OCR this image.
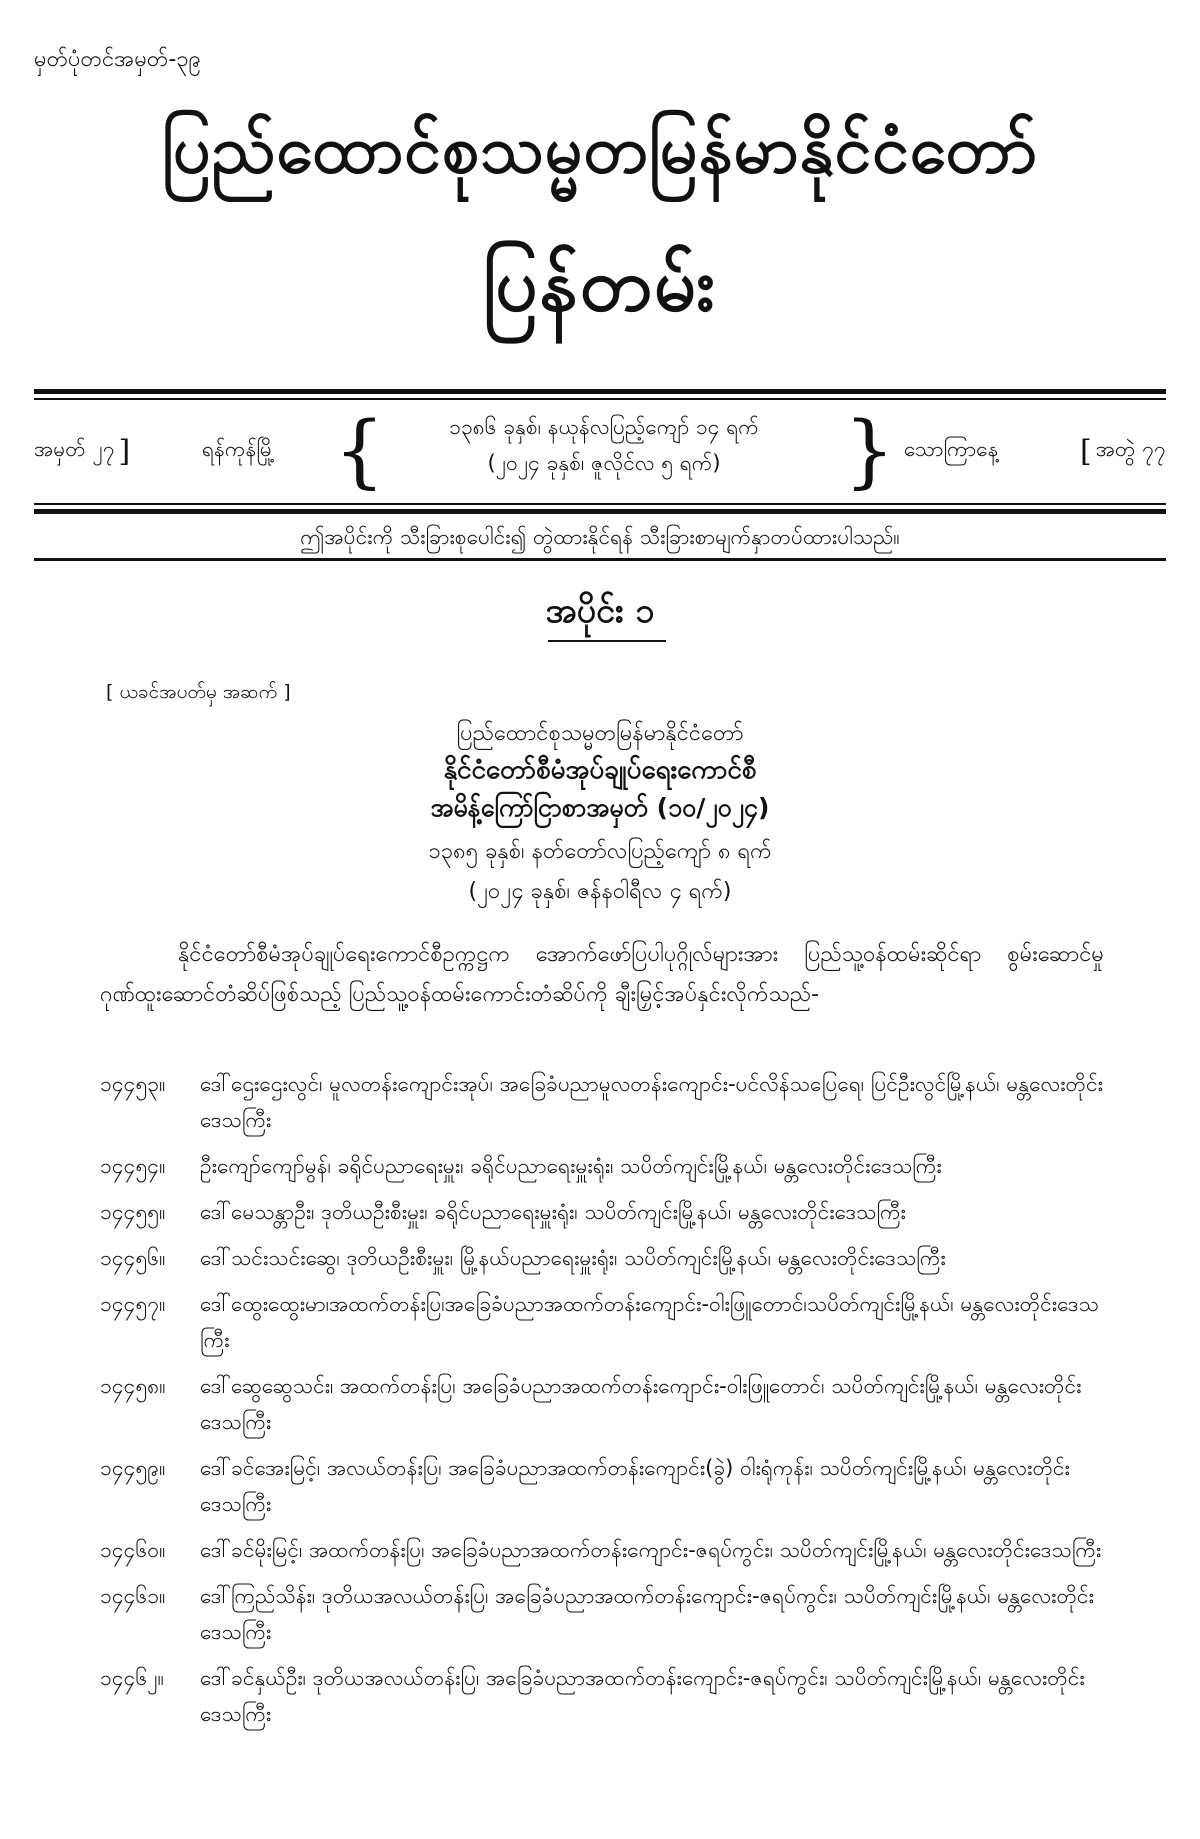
မှတ်ပုံတင်အမှတ်-၃၉
ပြည်ထောင်စုသမ္မတမြန်မာနိုင်ငံတော်
ပြန်တမ်း
အမှတ် ၂၇ ]	ရန်ကုန်မြို့ {	၁၃၈၆ ခုနှစ်၊ နယုန်လပြည့်ကျော် ၁၄ ရက်
(၂၀၂၄ ခုနှစ်၊ ဇူလိုင်လ ၅ ရက်)	} သောကြာနေ့	[ အတွဲ ၇၇
ဤအပိုင်းကို သီးခြားစုပေါင်း၍ တွဲထားနိုင်ရန် သီးခြားစာမျက်နှာတပ်ထားပါသည်။
အပိုင်း ၁
[ ယခင်အပတ်မှ အဆက် ]
ပြည်ထောင်စုသမ္မတမြန်မာနိုင်ငံတော်
နိုင်ငံတော်စီမံအုပ်ချုပ်ရေးကောင်စီ
အမိန့်ကြော်ငြာစာအမှတ် (၁၀/၂၀၂၄)
၁၃၈၅ ခုနှစ်၊ နတ်တော်လပြည့်ကျော် ၈ ရက်
(၂၀၂၄ ခုနှစ်၊ ဇန်နဝါရီလ ၄ ရက်)
နိုင်ငံတော်စီမံအုပ်ချုပ်ရေးကောင်စီဥက္ကဋ္ဌက အောက်ဖော်ပြပါပုဂ္ဂိုလ်များအား ပြည်သူ့ဝန်ထမ်းဆိုင်ရာ စွမ်းဆောင်မှု ဂုဏ်ထူးဆောင်တံဆိပ်ဖြစ်သည့် ပြည်သူ့ဝန်ထမ်းကောင်းတံဆိပ်ကို ချီးမြှင့်အပ်နှင်းလိုက်သည်-
၁၄၄၅၃။	ဒေါ်ဌေးဌေးလွင်၊ မူလတန်းကျောင်းအုပ်၊ အခြေခံပညာမူလတန်းကျောင်း-ပင်လိန်သပြေရေ၊ ပြင်ဦးလွင်မြို့နယ်၊ မန္တလေးတိုင်းဒေသကြီး
၁၄၄၅၄။	ဦးကျော်ကျော်မွန်၊ ခရိုင်ပညာရေးမှူး၊ ခရိုင်ပညာရေးမှူးရုံး၊ သပိတ်ကျင်းမြို့နယ်၊ မန္တလေးတိုင်းဒေသကြီး
၁၄၄၅၅။	ဒေါ်မေသန္တာဦး၊ ဒုတိယဦးစီးမှူး၊ ခရိုင်ပညာရေးမှူးရုံး၊ သပိတ်ကျင်းမြို့နယ်၊ မန္တလေးတိုင်းဒေသကြီး
၁၄၄၅၆။	ဒေါ်သင်းသင်းဆွေ၊ ဒုတိယဦးစီးမှူး၊ မြို့နယ်ပညာရေးမှူးရုံး၊ သပိတ်ကျင်းမြို့နယ်၊ မန္တလေးတိုင်းဒေသကြီး
၁၄၄၅၇။	ဒေါ်ထွေးထွေးမာ၊အထက်တန်းပြ၊အခြေခံပညာအထက်တန်းကျောင်း-ဝါးဖြူတောင်၊သပိတ်ကျင်းမြို့နယ်၊ မန္တလေးတိုင်းဒေသကြီး
၁၄၄၅၈။	ဒေါ်ဆွေဆွေသင်း၊ အထက်တန်းပြ၊ အခြေခံပညာအထက်တန်းကျောင်း-ဝါးဖြူတောင်၊ သပိတ်ကျင်းမြို့နယ်၊ မန္တလေးတိုင်းဒေသကြီး
၁၄၄၅၉။	ဒေါ်ခင်အေးမြင့်၊ အလယ်တန်းပြ၊ အခြေခံပညာအထက်တန်းကျောင်း(ခွဲ) ဝါးရုံကုန်း၊ သပိတ်ကျင်းမြို့နယ်၊ မန္တလေးတိုင်းဒေသကြီး
၁၄၄၆၀။	ဒေါ်ခင်မိုးမြင့်၊ အထက်တန်းပြ၊ အခြေခံပညာအထက်တန်းကျောင်း-ဇရပ်ကွင်း၊ သပိတ်ကျင်းမြို့နယ်၊ မန္တလေးတိုင်းဒေသကြီး
၁၄၄၆၁။	ဒေါ်ကြည်သိန်း၊ ဒုတိယအလယ်တန်းပြ၊ အခြေခံပညာအထက်တန်းကျောင်း-ဇရပ်ကွင်း၊ သပိတ်ကျင်းမြို့နယ်၊ မန္တလေးတိုင်းဒေသကြီး
၁၄၄၆၂။	ဒေါ်ခင်နှယ်ဦး၊ ဒုတိယအလယ်တန်းပြ၊ အခြေခံပညာအထက်တန်းကျောင်း-ဇရပ်ကွင်း၊ သပိတ်ကျင်းမြို့နယ်၊ မန္တလေးတိုင်းဒေသကြီး
